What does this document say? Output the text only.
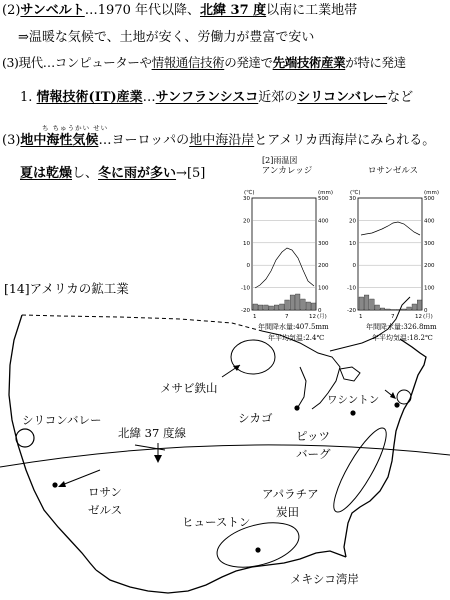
(2)サンベルト…1970 年代以降、北緯 37 度以南に工業地帯
⇒温暖な気候で、土地が安く、労働力が豊富で安い
(3)現代…コンピューターや情報通信技術の発達で先端技術産業が特に発達
1. 情報技術(IT)産業…サンフランシスコ近郊のシリコンバレーなど
ち ちゅうかい せい
(3)地中海性気候…ヨーロッパの地中海沿岸とアメリカ西海岸にみられる。
夏は乾燥し、冬に雨が多い→[5]
[2]雨温図
アンカレッジ
(℃)	(mm)
30
20
10
0
-10
-20
500
400
300
200
100
0
1	7	12 (月)
年間降水量:407.5mm
年平均気温:2.4℃
ロサンゼルス
(℃)	(mm)
30
20
10
0
-10
-20
500
400
300
200
100
0
1	7	12 (月)
年間降水量:326.8mm
年平均気温:18.2℃
[14]アメリカの鉱工業
メサビ鉄山
シリコンバレー	シカゴ
ワシントン
ピッツ
バーグ
北緯 37 度線
ロサン
ゼルス
アパラチア
炭田
ヒューストン
メキシコ湾岸
